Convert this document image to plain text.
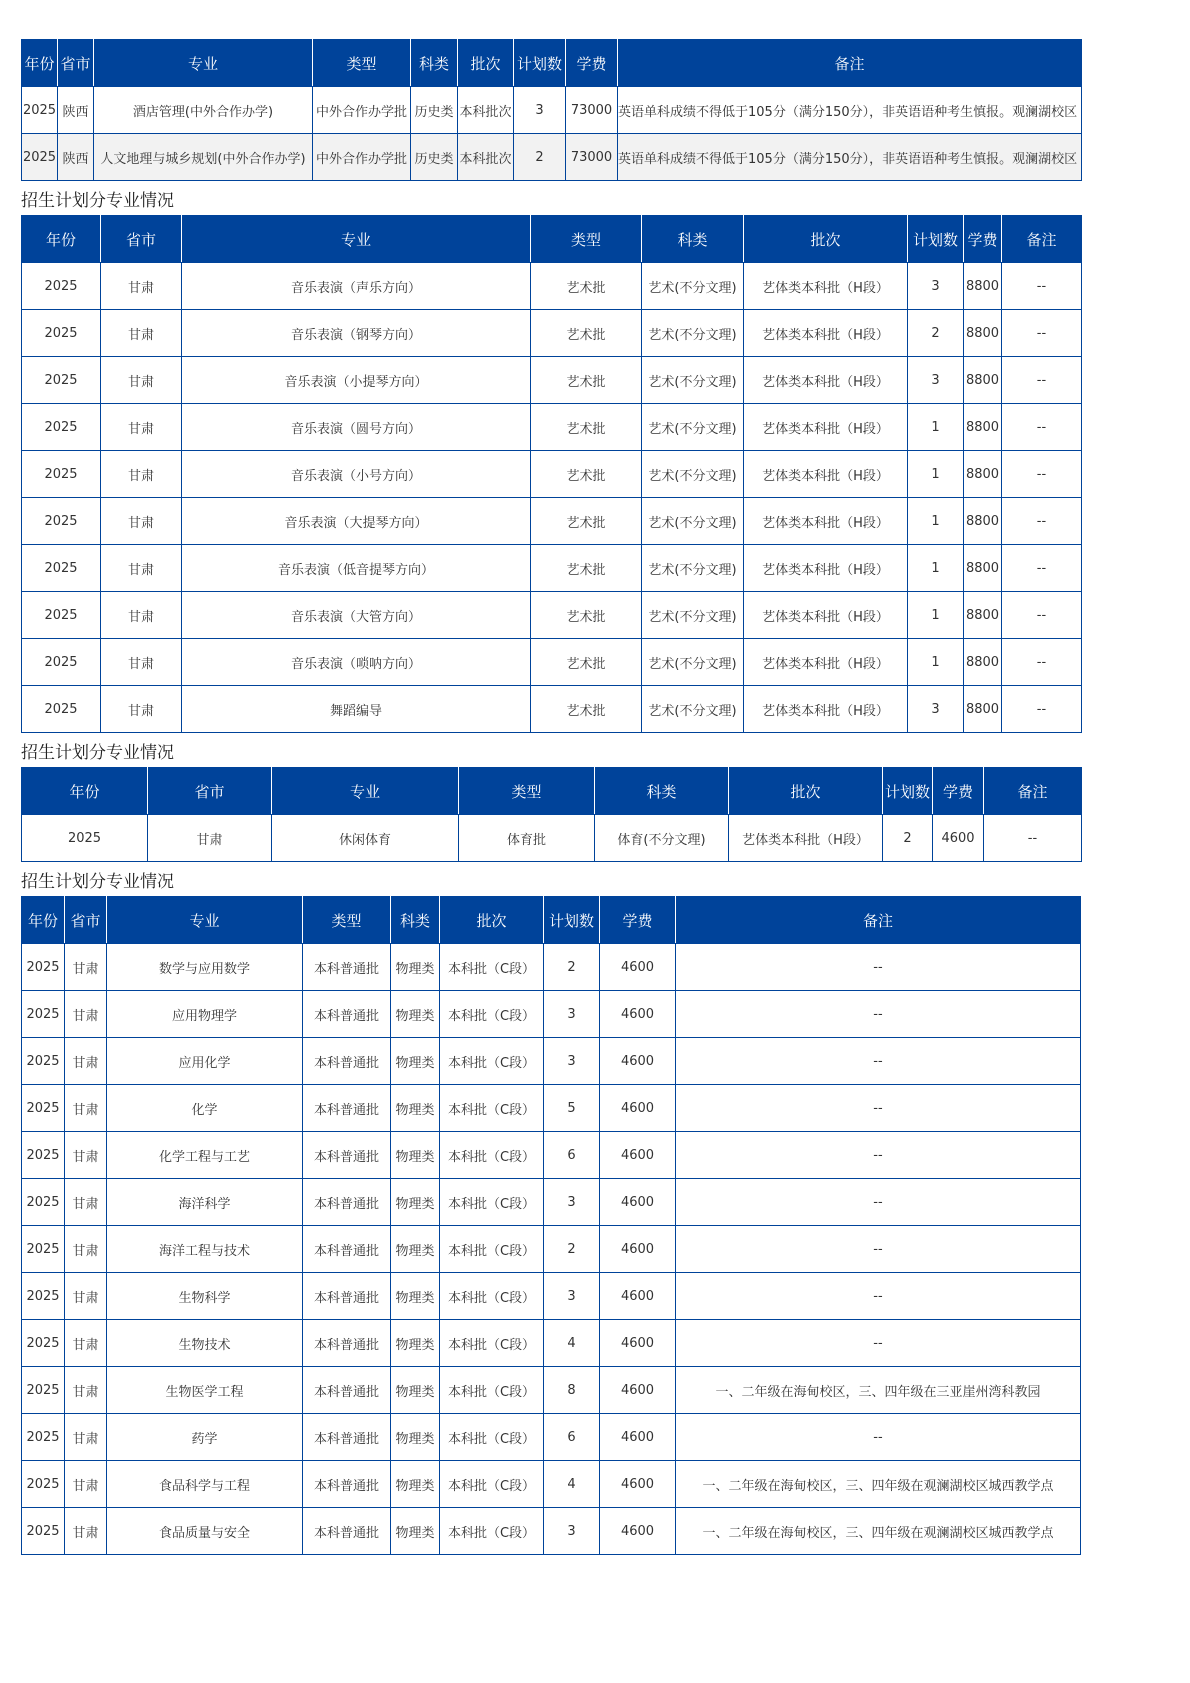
年份	省市	专业	类型	科类	批次	计划数	学费	备注
2025	陕西	酒店管理(中外合作办学)	中外合作办学批	历史类	本科批次	3	73000	英语单科成绩不得低于105分（满分150分），非英语语种考生慎报。观澜湖校区
2025	陕西	人文地理与城乡规划(中外合作办学)	中外合作办学批	历史类	本科批次	2	73000	英语单科成绩不得低于105分（满分150分），非英语语种考生慎报。观澜湖校区
招生计划分专业情况
年份	省市	专业	类型	科类	批次	计划数	学费	备注
2025	甘肃	音乐表演（声乐方向）	艺术批	艺术(不分文理)	艺体类本科批（H段）	3	8800	--
2025	甘肃	音乐表演（钢琴方向）	艺术批	艺术(不分文理)	艺体类本科批（H段）	2	8800	--
2025	甘肃	音乐表演（小提琴方向）	艺术批	艺术(不分文理)	艺体类本科批（H段）	3	8800	--
2025	甘肃	音乐表演（圆号方向）	艺术批	艺术(不分文理)	艺体类本科批（H段）	1	8800	--
2025	甘肃	音乐表演（小号方向）	艺术批	艺术(不分文理)	艺体类本科批（H段）	1	8800	--
2025	甘肃	音乐表演（大提琴方向）	艺术批	艺术(不分文理)	艺体类本科批（H段）	1	8800	--
2025	甘肃	音乐表演（低音提琴方向）	艺术批	艺术(不分文理)	艺体类本科批（H段）	1	8800	--
2025	甘肃	音乐表演（大管方向）	艺术批	艺术(不分文理)	艺体类本科批（H段）	1	8800	--
2025	甘肃	音乐表演（唢呐方向）	艺术批	艺术(不分文理)	艺体类本科批（H段）	1	8800	--
2025	甘肃	舞蹈编导	艺术批	艺术(不分文理)	艺体类本科批（H段）	3	8800	--
招生计划分专业情况
年份	省市	专业	类型	科类	批次	计划数	学费	备注
2025	甘肃	休闲体育	体育批	体育(不分文理)	艺体类本科批（H段）	2	4600	--
招生计划分专业情况
年份	省市	专业	类型	科类	批次	计划数	学费	备注
2025	甘肃	数学与应用数学	本科普通批	物理类	本科批（C段）	2	4600	--
2025	甘肃	应用物理学	本科普通批	物理类	本科批（C段）	3	4600	--
2025	甘肃	应用化学	本科普通批	物理类	本科批（C段）	3	4600	--
2025	甘肃	化学	本科普通批	物理类	本科批（C段）	5	4600	--
2025	甘肃	化学工程与工艺	本科普通批	物理类	本科批（C段）	6	4600	--
2025	甘肃	海洋科学	本科普通批	物理类	本科批（C段）	3	4600	--
2025	甘肃	海洋工程与技术	本科普通批	物理类	本科批（C段）	2	4600	--
2025	甘肃	生物科学	本科普通批	物理类	本科批（C段）	3	4600	--
2025	甘肃	生物技术	本科普通批	物理类	本科批（C段）	4	4600	--
2025	甘肃	生物医学工程	本科普通批	物理类	本科批（C段）	8	4600	一、二年级在海甸校区，三、四年级在三亚崖州湾科教园
2025	甘肃	药学	本科普通批	物理类	本科批（C段）	6	4600	--
2025	甘肃	食品科学与工程	本科普通批	物理类	本科批（C段）	4	4600	一、二年级在海甸校区，三、四年级在观澜湖校区城西教学点
2025	甘肃	食品质量与安全	本科普通批	物理类	本科批（C段）	3	4600	一、二年级在海甸校区，三、四年级在观澜湖校区城西教学点
